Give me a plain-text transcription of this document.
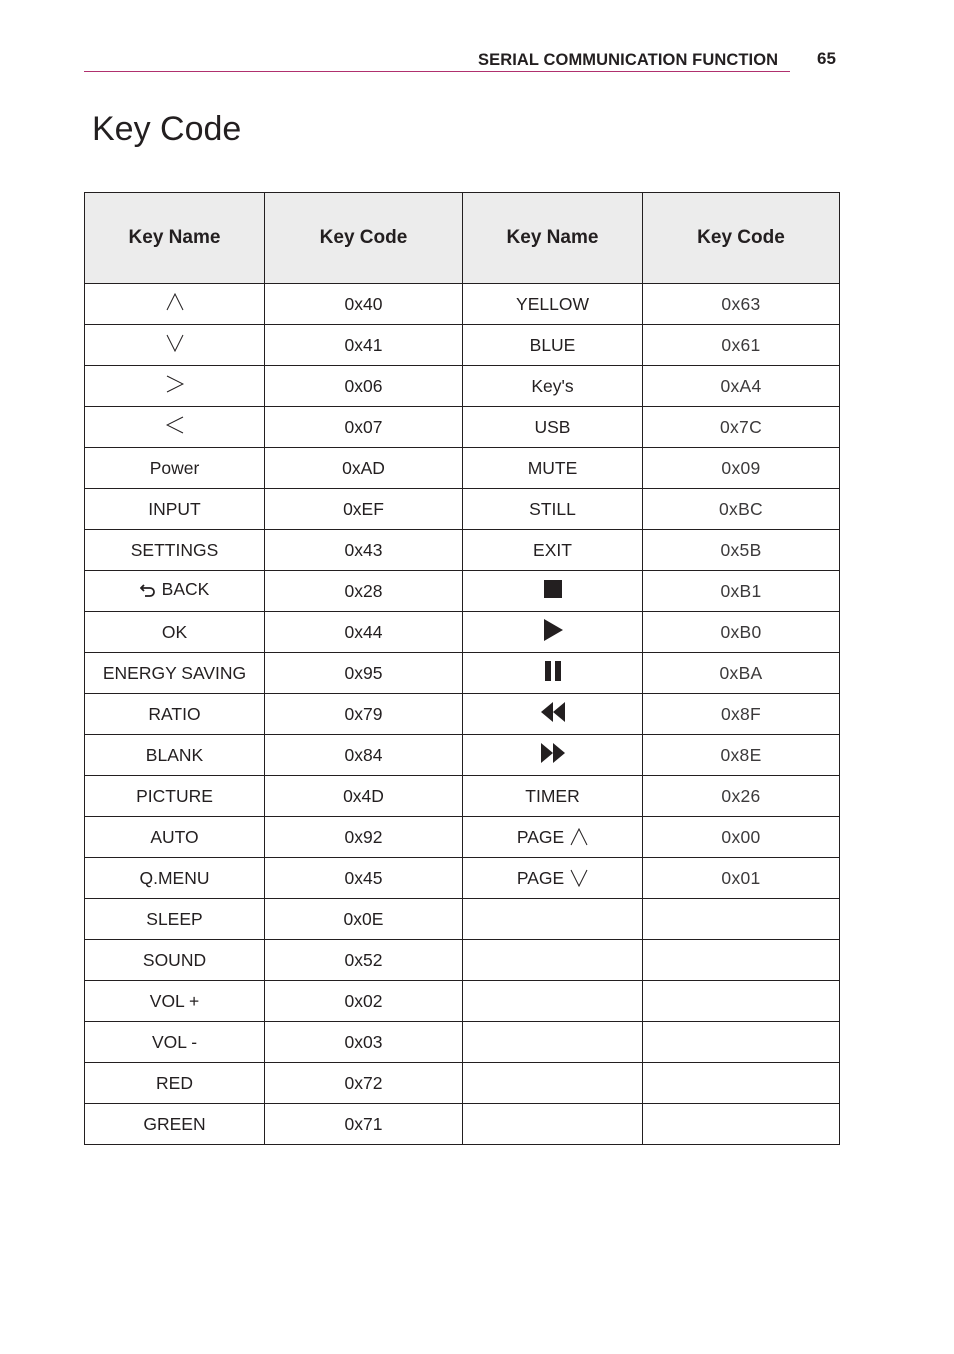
SERIAL COMMUNICATION FUNCTION 65
Key Code
Key Name	Key Code	Key Name	Key Code

	0x40	YELLOW	0x63

	0x41	BLUE	0x61

	0x06	Key's	0xA4

	0x07	USB	0x7C

Power	0xAD	MUTE	0x09

INPUT	0xEF	STILL	0xBC

SETTINGS	0x43	EXIT	0x5B

BACK	0x28		0xB1

OK	0x44		0xB0

ENERGY SAVING	0x95		0xBA

RATIO	0x79		0x8F

BLANK	0x84		0x8E

PICTURE	0x4D	TIMER	0x26

AUTO	0x92	PAGE	0x00

Q.MENU	0x45	PAGE	0x01

SLEEP	0x0E		

SOUND	0x52		

VOL +	0x02		

VOL -	0x03		

RED	0x72		

GREEN	0x71		
